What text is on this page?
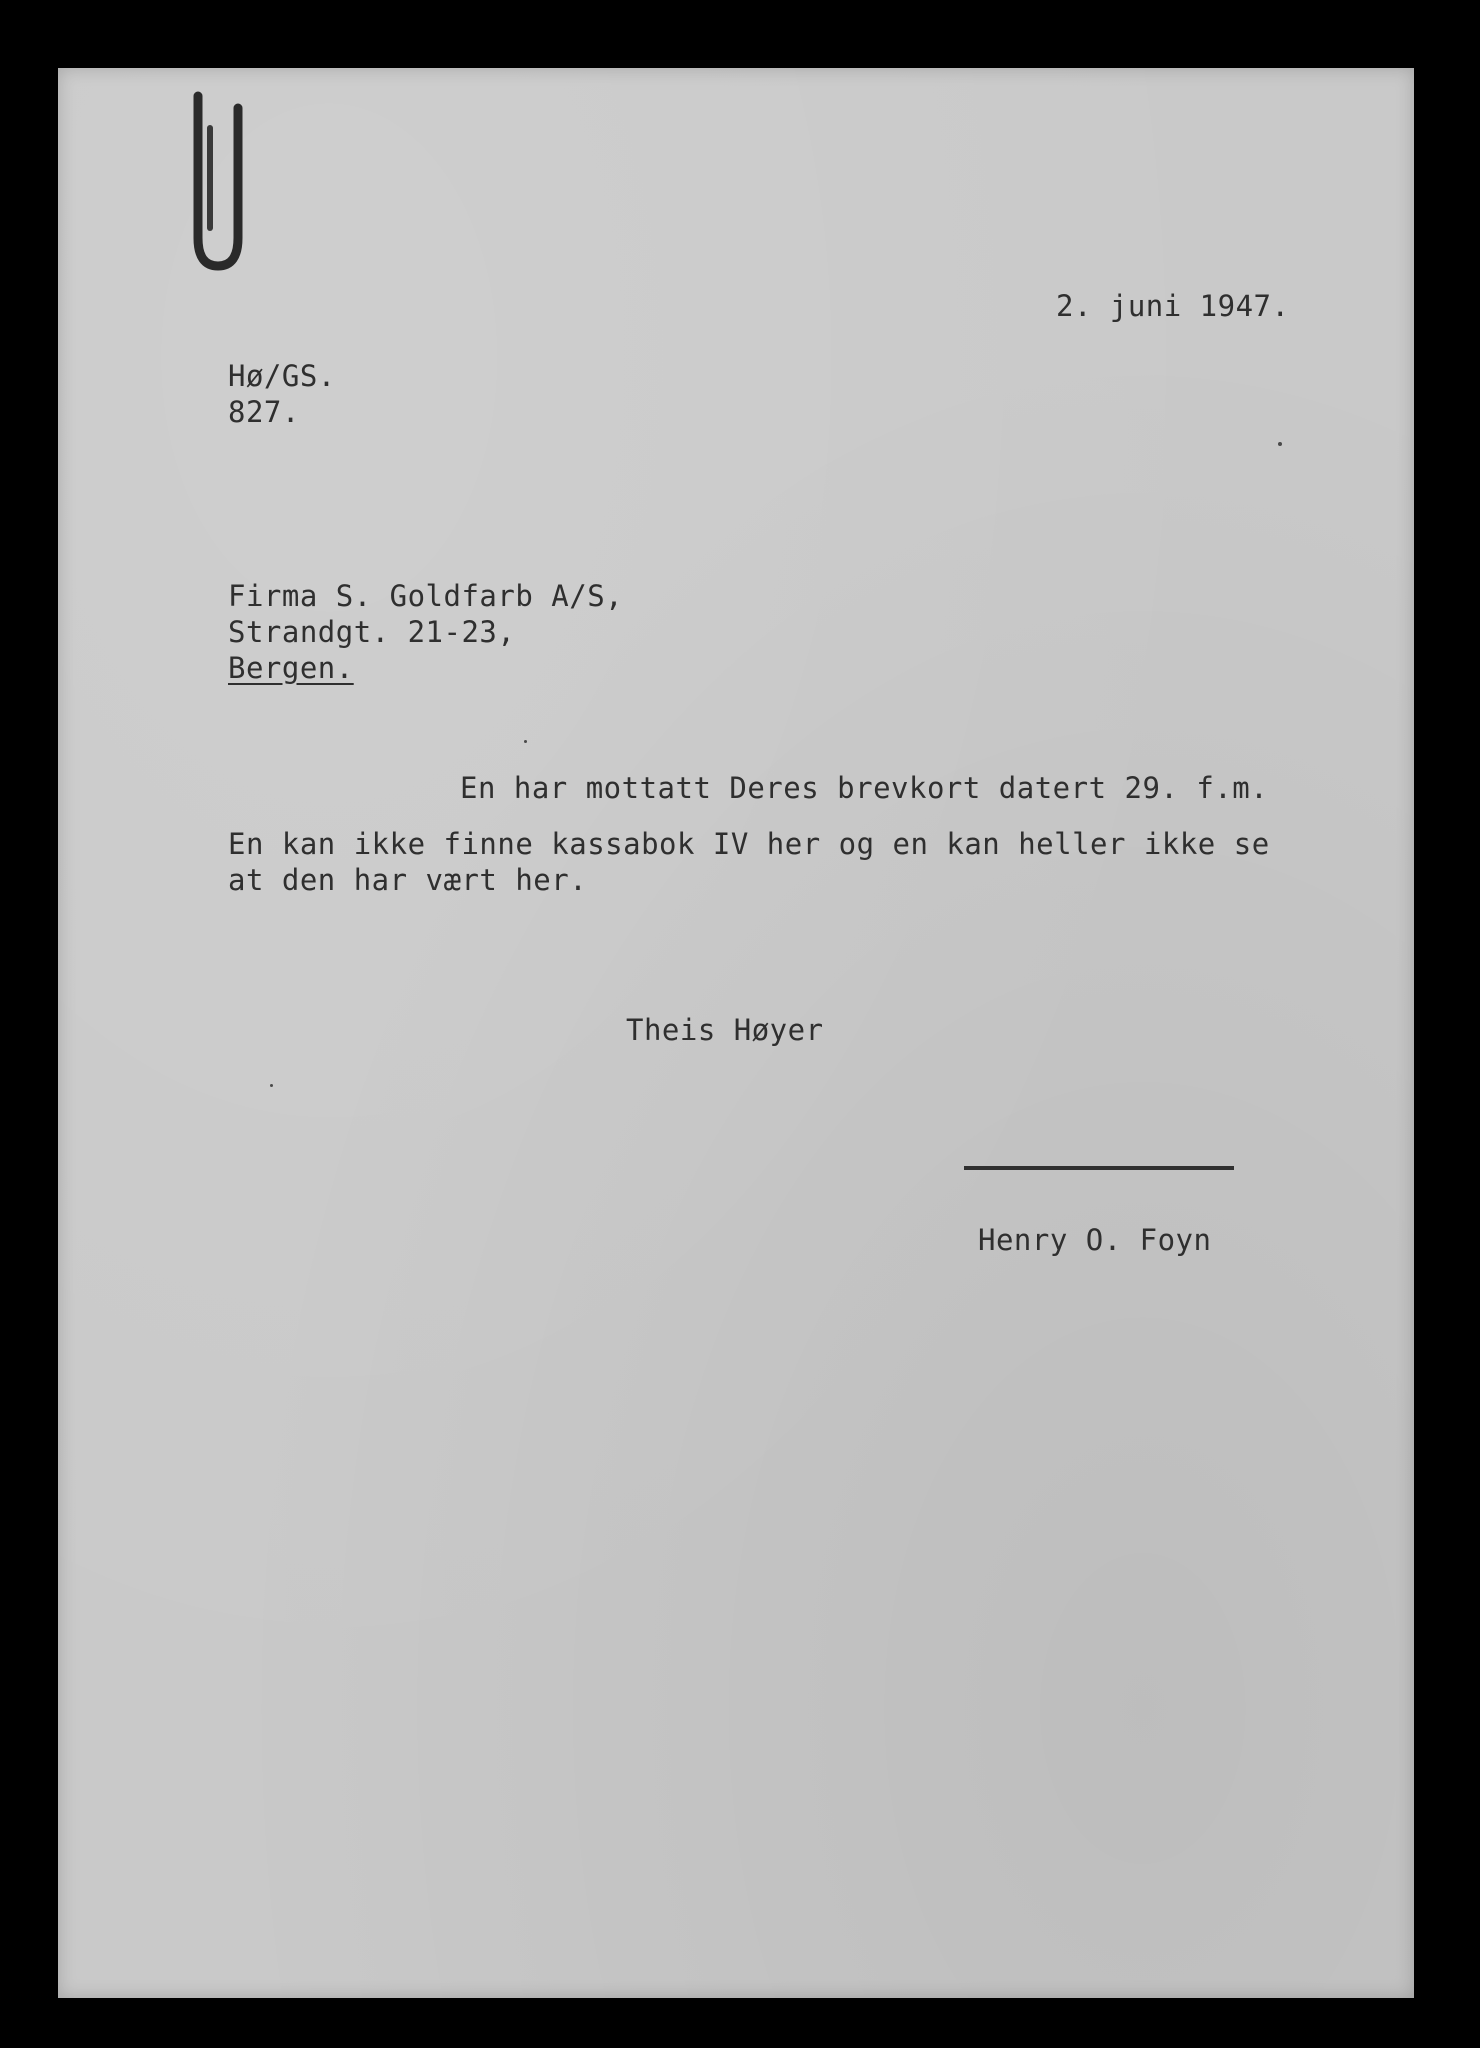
2. juni 1947.
Hø/GS.
827.
Firma S. Goldfarb A/S,
Strandgt. 21-23,
Bergen.
En har mottatt Deres brevkort datert 29. f.m.
En kan ikke finne kassabok IV her og en kan heller ikke se
at den har vært her.
Theis Høyer
Henry O. Foyn
